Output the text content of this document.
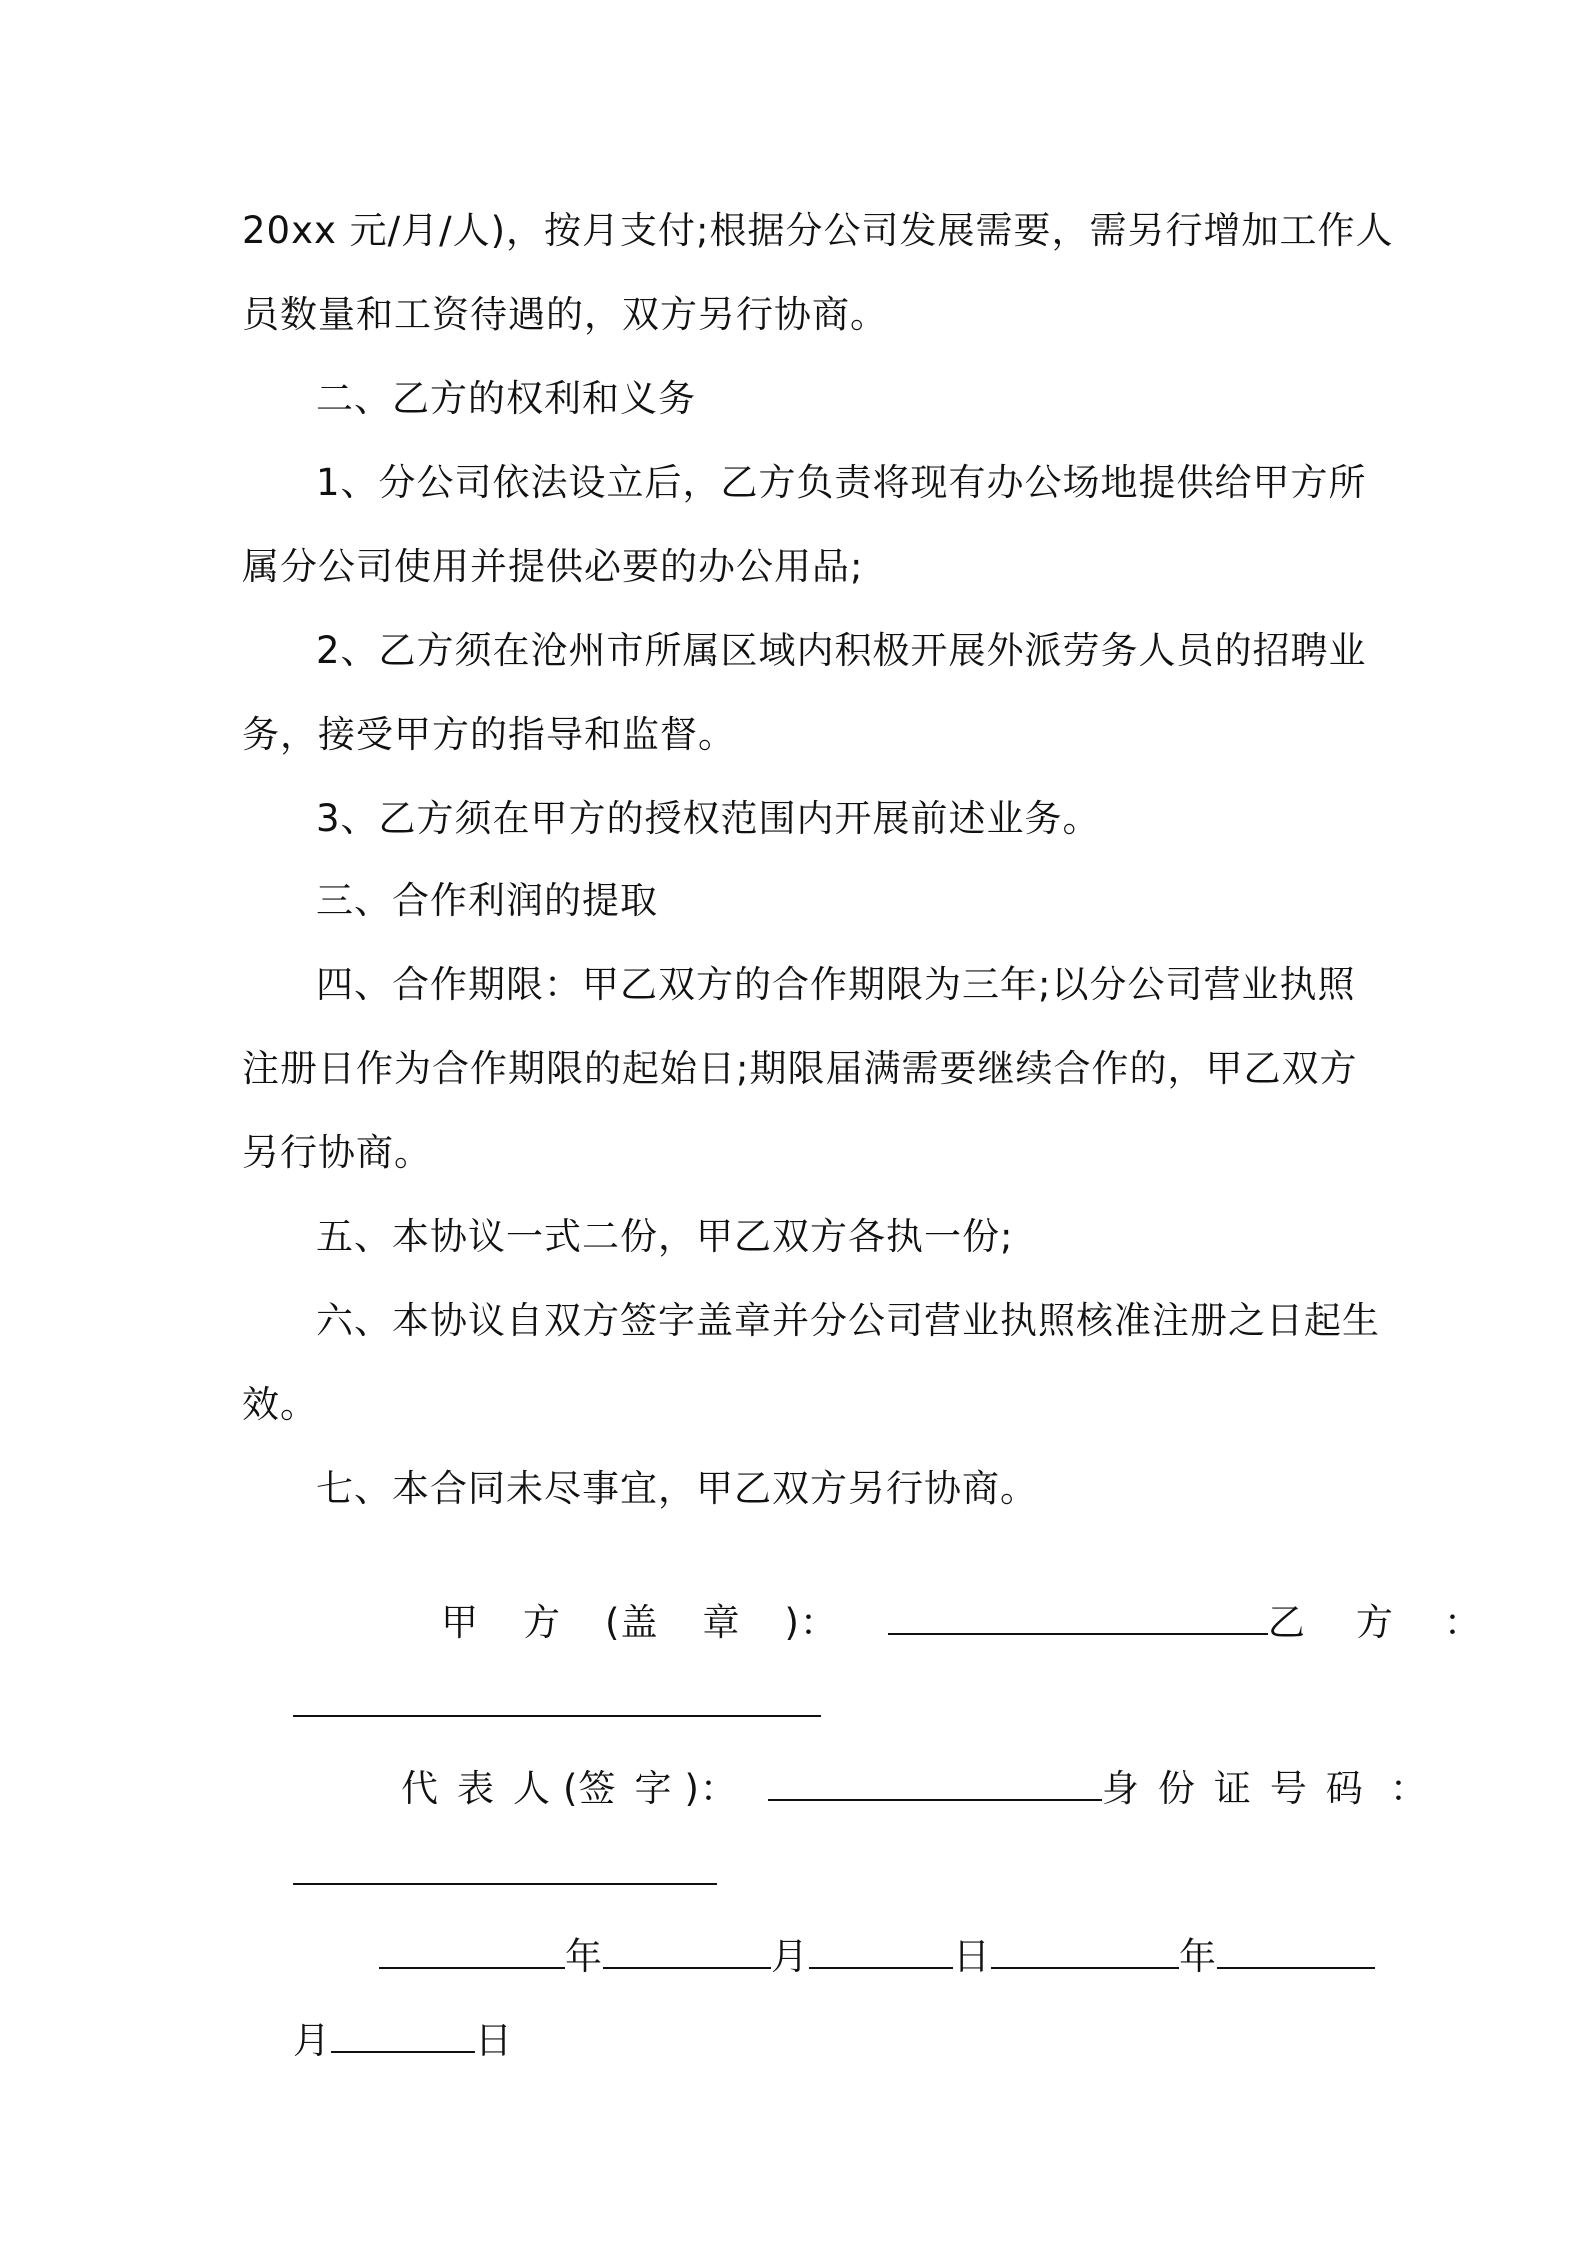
20xx 元/月/人)，按月支付;根据分公司发展需要，需另行增加工作人
员数量和工资待遇的，双方另行协商。
二、乙方的权利和义务
1、分公司依法设立后，乙方负责将现有办公场地提供给甲方所
属分公司使用并提供必要的办公用品;
2、乙方须在沧州市所属区域内积极开展外派劳务人员的招聘业
务，接受甲方的指导和监督。
3、乙方须在甲方的授权范围内开展前述业务。
三、合作利润的提取
四、合作期限：甲乙双方的合作期限为三年;以分公司营业执照
注册日作为合作期限的起始日;期限届满需要继续合作的，甲乙双方
另行协商。
五、本协议一式二份，甲乙双方各执一份;
六、本协议自双方签字盖章并分公司营业执照核准注册之日起生
效。
七、本合同未尽事宜，甲乙双方另行协商。

甲 方 (盖 章 )：	乙 方 ：

代 表 人 (签 字 )：	身 份 证 号 码 ：

年	月	日	年

月	日
